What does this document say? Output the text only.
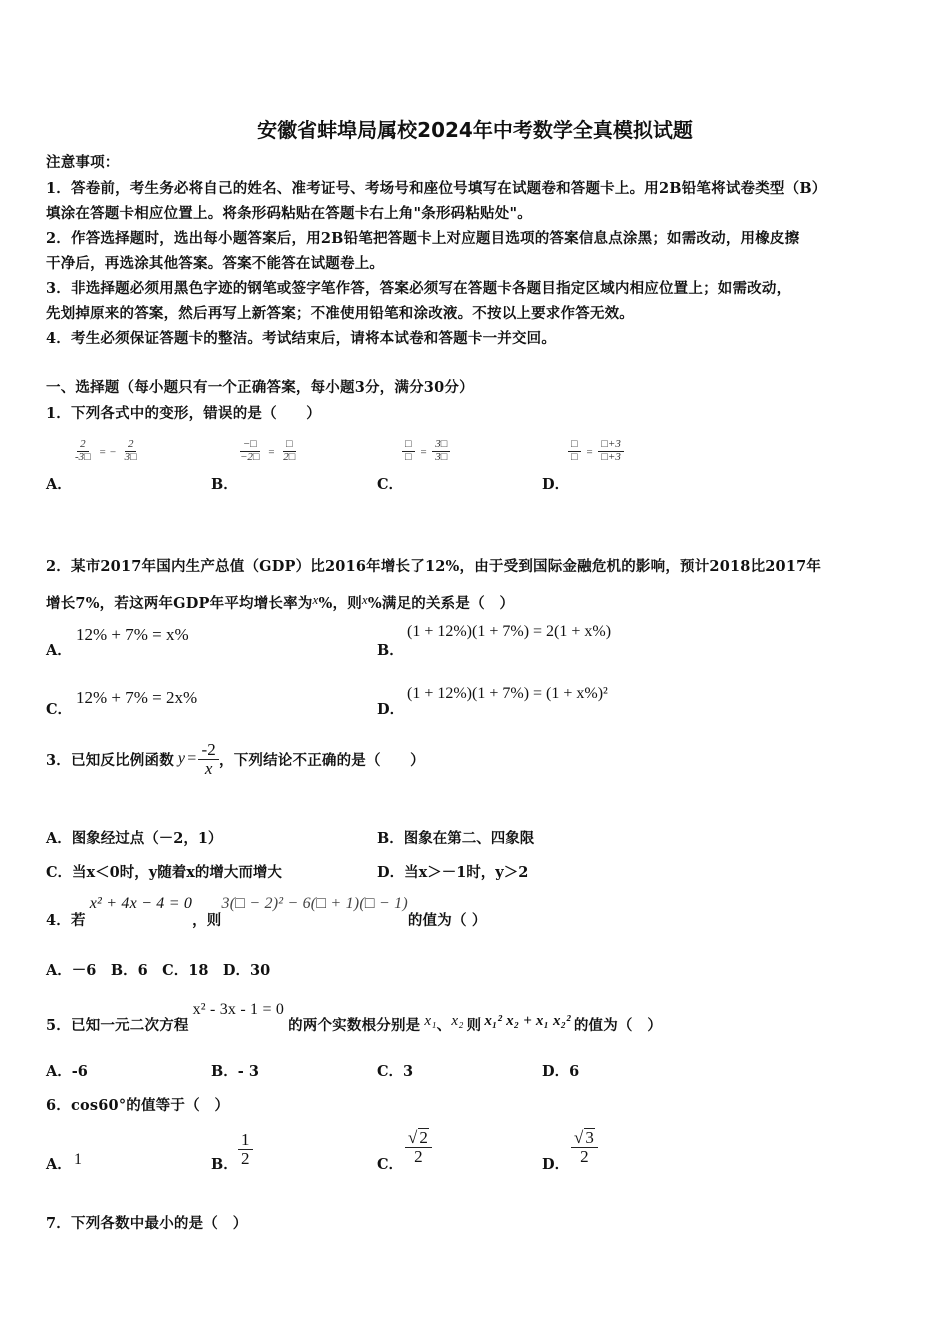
安徽省蚌埠局属校2024年中考数学全真模拟试题
注意事项：
1．答卷前，考生务必将自己的姓名、准考证号、考场号和座位号填写在试题卷和答题卡上。用2B铅笔将试卷类型（B）
填涂在答题卡相应位置上。将条形码粘贴在答题卡右上角"条形码粘贴处"。
2．作答选择题时，选出每小题答案后，用2B铅笔把答题卡上对应题目选项的答案信息点涂黑；如需改动，用橡皮擦
干净后，再选涂其他答案。答案不能答在试题卷上。
3．非选择题必须用黑色字迹的钢笔或签字笔作答，答案必须写在答题卡各题目指定区域内相应位置上；如需改动，
先划掉原来的答案，然后再写上新答案；不准使用铅笔和涂改液。不按以上要求作答无效。
4．考生必须保证答题卡的整洁。考试结束后，请将本试卷和答题卡一并交回。
一、选择题（每小题只有一个正确答案，每小题3分，满分30分）
1．下列各式中的变形，错误的是（　　）
$\frac{2}{-3□}$ = − $\frac{2}{3□}$	$\frac{-□}{-2□} = \frac{□}{2□}$	$\frac{□}{□} = \frac{3□}{3□}$	$\frac{□}{□} = \frac{□+3}{□+3}$
A．	B．	C．	D．
2．某市2017年国内生产总值（GDP）比2016年增长了12%，由于受到国际金融危机的影响，预计2018比2017年
增长7%，若这两年GDP年平均增长率为x%，则x%满足的关系是（　）
A．
12% + 7% = x%
B．
(1 + 12%)(1 + 7%) = 2(1 + x%)
C．
12% + 7% = 2x%
D．
(1 + 12%)(1 + 7%) = (1 + x%)²
3．已知反比例函数 $y = \frac{-2}{x}$ ，下列结论不正确的是（　　）
A．图象经过点（－2，1）	B．图象在第二、四象限
C．当x＜0时，y随着x的增大而增大	D．当x＞－1时，y＞2
4．若
x² + 4x − 4 = 0
，则
3(□ − 2)² − 6(□ + 1)(□ − 1)
的值为（ ）
A．－6　B．6　C．18　D．30
5．已知一元二次方程
x² - 3x - 1 = 0
的两个实数根分别是 x₁ 、 x₂ 则 x₁² x₂ + x₁ x₂² 的值为（　）
A．-6	B．- 3	C．3	D．6
6．cos60°的值等于（　）
A． 1	B． $\frac{1}{2}$	C． $\frac{√ 2}{2}$	D． $\frac{√ 3}{2}$
7．下列各数中最小的是（　）
